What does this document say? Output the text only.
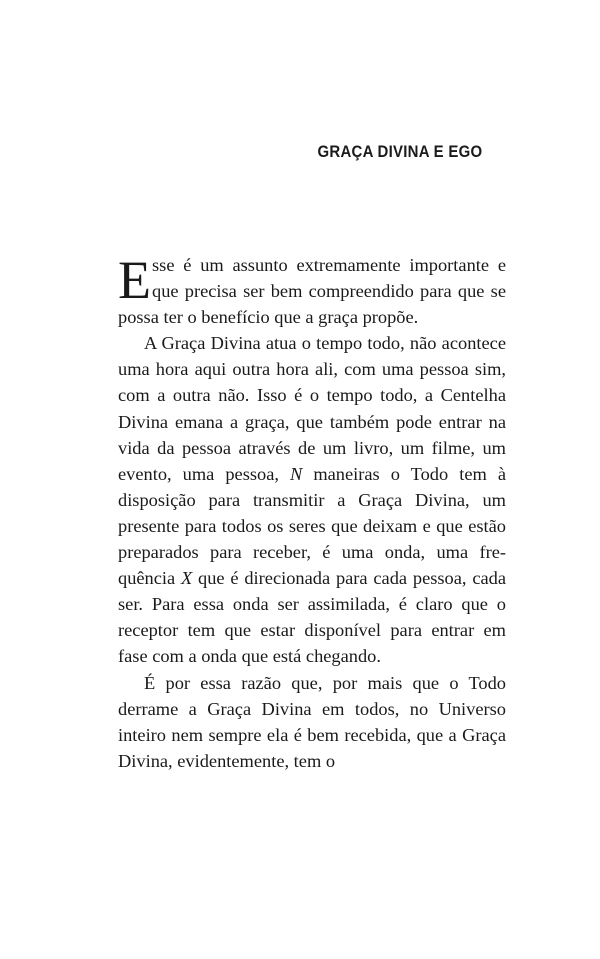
GRAÇA DIVINA E EGO

Esse é um assunto extremamente importante e que precisa ser bem compreendido para que se possa ter o benefício que a graça propõe.

A Graça Divina atua o tempo todo, não acontece uma hora aqui outra hora ali, com uma pessoa sim, com a outra não. Isso é o tempo todo, a Centelha Divina emana a graça, que também pode entrar na vida da pessoa através de um livro, um filme, um evento, uma pessoa, N maneiras o Todo tem à disposição para transmitir a Graça Divina, um presente para todos os seres que deixam e que estão preparados para receber, é uma onda, uma frequência X que é direcionada para cada pessoa, cada ser. Para essa onda ser assimilada, é claro que o receptor tem que estar disponível para entrar em fase com a onda que está chegando.

É por essa razão que, por mais que o Todo derrame a Graça Divina em todos, no Universo inteiro nem sempre ela é bem recebida, que a Graça Divina, evidentemente, tem o
